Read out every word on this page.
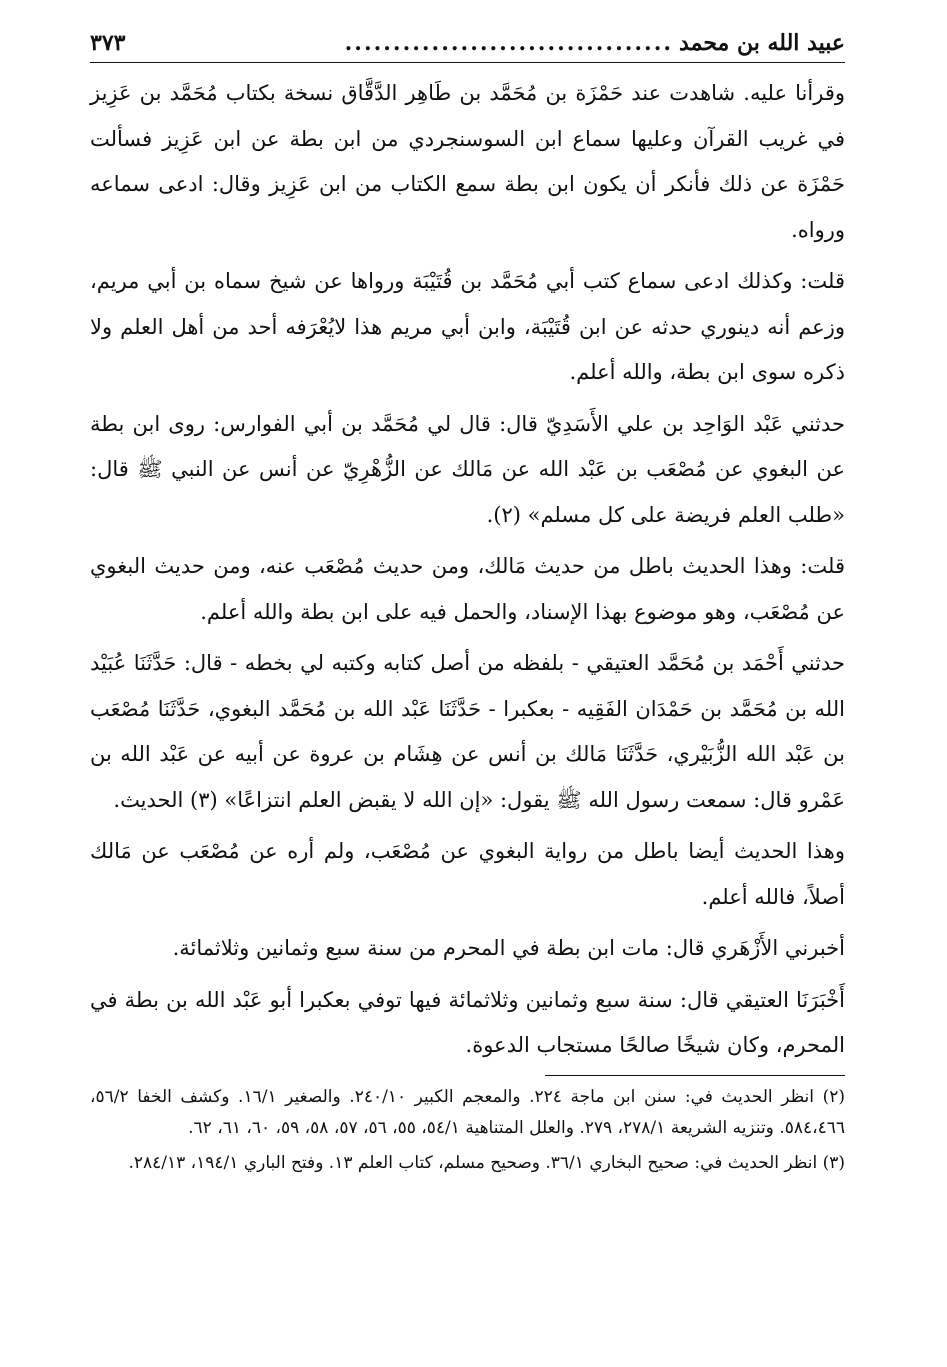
عبيد الله بن محمد
..................................
٣٧٣

وقرأنا عليه. شاهدت عند حَمْزَة بن مُحَمَّد بن طَاهِر الدَّقَّاق نسخة بكتاب مُحَمَّد بن عَزِيز في غريب القرآن وعليها سماع ابن السوسنجردي من ابن بطة عن ابن عَزِيز فسألت حَمْزَة عن ذلك فأنكر أن يكون ابن بطة سمع الكتاب من ابن عَزِيز وقال: ادعى سماعه ورواه.

قلت: وكذلك ادعى سماع كتب أبي مُحَمَّد بن قُتَيْبَة ورواها عن شيخ سماه بن أبي مريم، وزعم أنه دينوري حدثه عن ابن قُتَيْبَة، وابن أبي مريم هذا لايُعْرَفه أحد من أهل العلم ولا ذكره سوى ابن بطة، والله أعلم.

حدثني عَبْد الوَاحِد بن علي الأَسَدِيّ قال: قال لي مُحَمَّد بن أبي الفوارس: روى ابن بطة عن البغوي عن مُصْعَب بن عَبْد الله عن مَالك عن الزُّهْرِيّ عن أنس عن النبي ﷺ قال: «طلب العلم فريضة على كل مسلم» (٢).

قلت: وهذا الحديث باطل من حديث مَالك، ومن حديث مُصْعَب عنه، ومن حديث البغوي عن مُصْعَب، وهو موضوع بهذا الإسناد، والحمل فيه على ابن بطة والله أعلم.

حدثني أَحْمَد بن مُحَمَّد العتيقي - بلفظه من أصل كتابه وكتبه لي بخطه - قال: حَدَّثَنَا عُبَيْد الله بن مُحَمَّد بن حَمْدَان الفَقِيه - بعكبرا - حَدَّثَنَا عَبْد الله بن مُحَمَّد البغوي، حَدَّثَنَا مُصْعَب بن عَبْد الله الزُّبَيْري، حَدَّثَنَا مَالك بن أنس عن هِشَام بن عروة عن أبيه عن عَبْد الله بن عَمْرو قال: سمعت رسول الله ﷺ يقول: «إن الله لا يقبض العلم انتزاعًا» (٣) الحديث.

وهذا الحديث أيضا باطل من رواية البغوي عن مُصْعَب، ولم أره عن مُصْعَب عن مَالك أصلاً، فالله أعلم.

أخبرني الأَزْهَري قال: مات ابن بطة في المحرم من سنة سبع وثمانين وثلاثمائة.

أَخْبَرَنَا العتيقي قال: سنة سبع وثمانين وثلاثمائة فيها توفي بعكبرا أبو عَبْد الله بن بطة في المحرم، وكان شيخًا صالحًا مستجاب الدعوة.

(٢) انظر الحديث في: سنن ابن ماجة ٢٢٤. والمعجم الكبير ٢٤٠/١٠. والصغير ١٦/١. وكشف الخفا ٥٦/٢، ٥٨٤،٤٦٦. وتنزيه الشريعة ٢٧٨/١، ٢٧٩. والعلل المتناهية ٥٤/١، ٥٥، ٥٦، ٥٧، ٥٨، ٥٩، ٦٠، ٦١، ٦٢.

(٣) انظر الحديث في: صحيح البخاري ٣٦/١. وصحيح مسلم، كتاب العلم ١٣. وفتح الباري ١٩٤/١، ٢٨٤/١٣.
